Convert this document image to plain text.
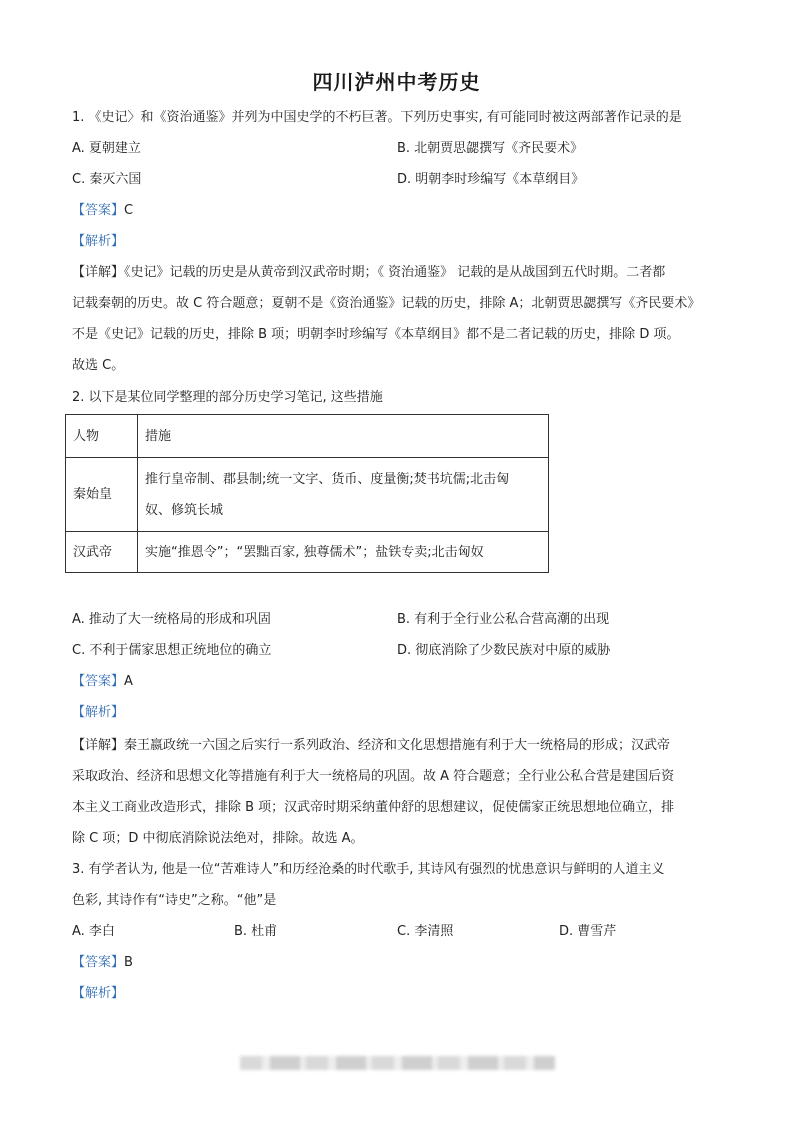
四川泸州中考历史
1. 《史记〉和《资治通鉴》并列为中国史学的不朽巨著。下列历史事实, 有可能同时被这两部著作记录的是
A. 夏朝建立	B. 北朝贾思勰撰写《齐民要术》
C. 秦灭六国	D. 明朝李时珍编写《本草纲目》
【答案】C
【解析】
【详解】《史记》记载的历史是从黄帝到汉武帝时期；《 资治通鉴》 记载的是从战国到五代时期。二者都
记载秦朝的历史。故 C 符合题意；夏朝不是《资治通鉴》记载的历史，排除 A；北朝贾思勰撰写《齐民要术》
不是《史记》记载的历史，排除 B 项；明朝李时珍编写《本草纲目》都不是二者记载的历史，排除 D 项。
故选 C。
2. 以下是某位同学整理的部分历史学习笔记, 这些措施
人物	措施
秦始皇	推行皇帝制、郡县制;统一文字、货币、度量衡;焚书坑儒;北击匈
奴、修筑长城

汉武帝	实施“推恩令”；“罢黜百家, 独尊儒术”；盐铁专卖;北击匈奴
A. 推动了大一统格局的形成和巩固	B. 有利于全行业公私合营高潮的出现
C. 不利于儒家思想正统地位的确立	D. 彻底消除了少数民族对中原的威胁
【答案】A
【解析】
【详解】秦王嬴政统一六国之后实行一系列政治、经济和文化思想措施有利于大一统格局的形成；汉武帝
采取政治、经济和思想文化等措施有利于大一统格局的巩固。故 A 符合题意；全行业公私合营是建国后资
本主义工商业改造形式，排除 B 项；汉武帝时期采纳董仲舒的思想建议，促使儒家正统思想地位确立，排
除 C 项；D 中彻底消除说法绝对，排除。故选 A。
3. 有学者认为, 他是一位“苦难诗人”和历经沧桑的时代歌手, 其诗风有强烈的忧患意识与鲜明的人道主义
色彩, 其诗作有“诗史”之称。“他”是
A. 李白	B. 杜甫	C. 李清照	D. 曹雪芹
【答案】B
【解析】
